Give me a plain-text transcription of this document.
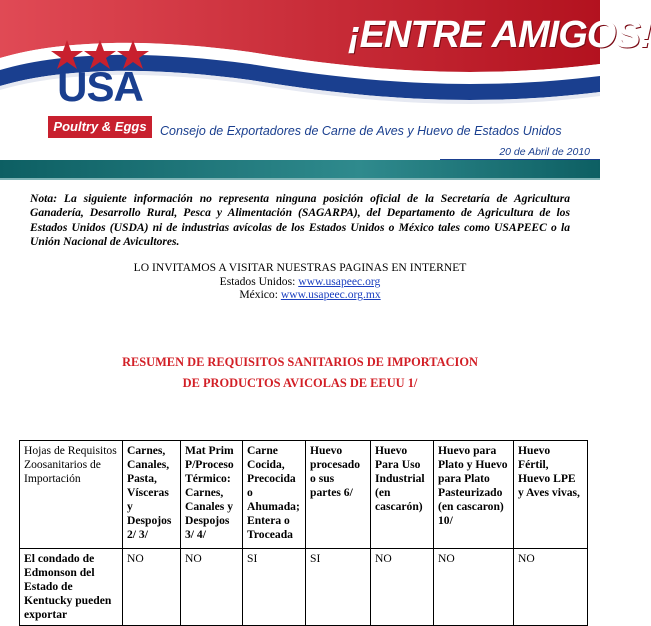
¡ENTRE AMIGOS!
USA
Poultry & Eggs	Consejo de Exportadores de Carne de Aves y Huevo de Estados Unidos
20 de Abril de 2010

Nota: La siguiente información no representa ninguna posición oficial de la Secretaría de Agricultura Ganadería, Desarrollo Rural, Pesca y Alimentación (SAGARPA), del Departamento de Agricultura de los Estados Unidos (USDA) ni de industrias avícolas de los Estados Unidos o México tales como USAPEEC o la Unión Nacional de Avicultores.

LO INVITAMOS A VISITAR NUESTRAS PAGINAS EN INTERNET
Estados Unidos: www.usapeec.org
México: www.usapeec.org.mx
RESUMEN DE REQUISITOS SANITARIOS DE IMPORTACION
DE PRODUCTOS AVICOLAS DE EEUU 1/
Hojas de Requisitos Zoosanitarios de Importación	Carnes, Canales, Pasta, Vísceras y Despojos 2/ 3/	Mat Prim P/Proceso Térmico: Carnes, Canales y Despojos 3/ 4/	Carne Cocida, Precocida o Ahumada; Entera o Troceada	Huevo procesado o sus partes 6/	Huevo Para Uso Industrial (en cascarón)	Huevo para Plato y Huevo para Plato Pasteurizado (en cascaron) 10/	Huevo Fértil, Huevo LPE y Aves vivas,
El condado de Edmonson del Estado de Kentucky pueden exportar	NO	NO	SI	SI	NO	NO	NO
